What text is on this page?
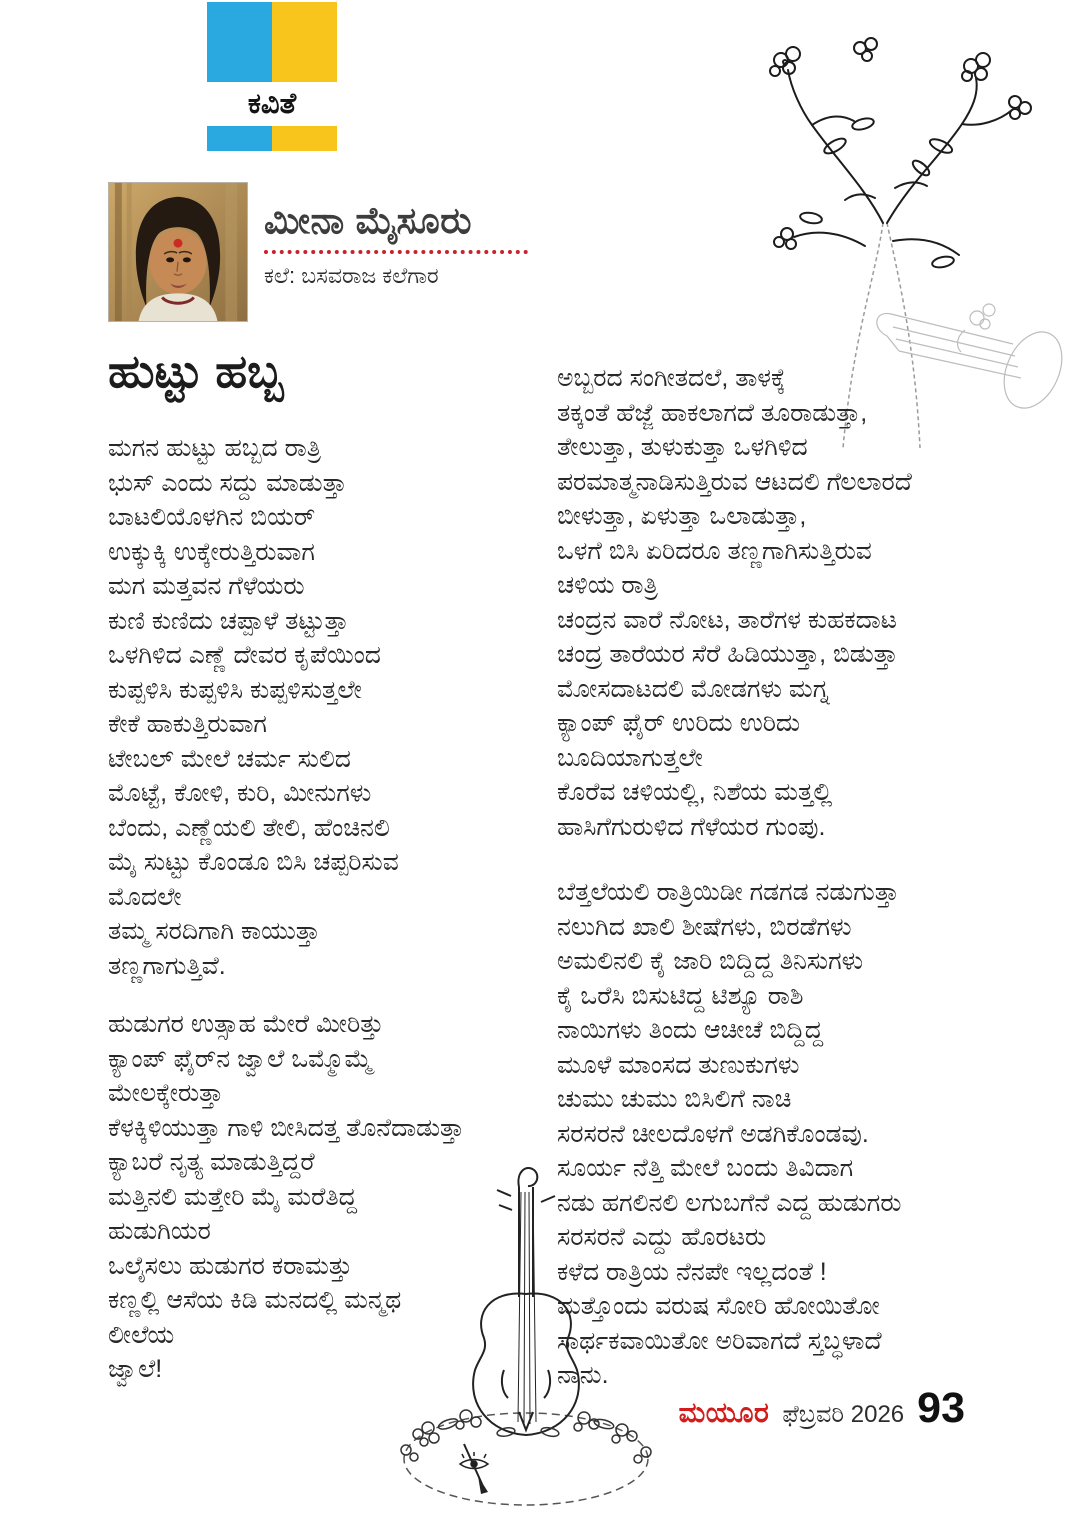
ಕವಿತೆ
ಮೀನಾ ಮೈಸೂರು
ಕಲೆ: ಬಸವರಾಜ ಕಲೆಗಾರ
ಹುಟ್ಟು ಹಬ್ಬ
ಮಗನ ಹುಟ್ಟು ಹಬ್ಬದ ರಾತ್ರಿ
ಭುಸ್ ಎಂದು ಸದ್ದು ಮಾಡುತ್ತಾ
ಬಾಟಲಿಯೊಳಗಿನ ಬಿಯರ್
ಉಕ್ಕುಕ್ಕಿ ಉಕ್ಕೇರುತ್ತಿರುವಾಗ
ಮಗ ಮತ್ತವನ ಗೆಳೆಯರು
ಕುಣಿ ಕುಣಿದು ಚಪ್ಪಾಳೆ ತಟ್ಟುತ್ತಾ
ಒಳಗಿಳಿದ ಎಣ್ಣೆ ದೇವರ ಕೃಪೆಯಿಂದ
ಕುಪ್ಪಳಿಸಿ ಕುಪ್ಪಳಿಸಿ ಕುಪ್ಪಳಿಸುತ್ತಲೇ
ಕೇಕೆ ಹಾಕುತ್ತಿರುವಾಗ
ಟೇಬಲ್ ಮೇಲೆ ಚರ್ಮ ಸುಲಿದ
ಮೊಟ್ಟೆ, ಕೋಳಿ, ಕುರಿ, ಮೀನುಗಳು
ಬೆಂದು, ಎಣ್ಣೆಯಲಿ ತೇಲಿ, ಹೆಂಚಿನಲಿ
ಮೈ ಸುಟ್ಟು ಕೊಂಡೂ ಬಿಸಿ ಚಪ್ಪರಿಸುವ
ಮೊದಲೇ
ತಮ್ಮ ಸರದಿಗಾಗಿ ಕಾಯುತ್ತಾ
ತಣ್ಣಗಾಗುತ್ತಿವೆ.
ಹುಡುಗರ ಉತ್ಸಾಹ ಮೇರೆ ಮೀರಿತ್ತು
ಕ್ಯಾಂಪ್ ಫೈರ್‌ನ ಜ್ವಾಲೆ ಒಮ್ಮೊಮ್ಮೆ
ಮೇಲಕ್ಕೇರುತ್ತಾ
ಕೆಳಕ್ಕಿಳಿಯುತ್ತಾ ಗಾಳಿ ಬೀಸಿದತ್ತ ತೊನೆದಾಡುತ್ತಾ
ಕ್ಯಾಬರೆ ನೃತ್ಯ ಮಾಡುತ್ತಿದ್ದರೆ
ಮತ್ತಿನಲಿ ಮತ್ತೇರಿ ಮೈ ಮರೆತಿದ್ದ
ಹುಡುಗಿಯರ
ಒಲೈಸಲು ಹುಡುಗರ ಕರಾಮತ್ತು
ಕಣ್ಣಲ್ಲಿ ಆಸೆಯ ಕಿಡಿ ಮನದಲ್ಲಿ ಮನ್ಮಥ
ಲೀಲೆಯ
ಜ್ವಾಲೆ!
ಅಬ್ಬರದ ಸಂಗೀತದಲೆ, ತಾಳಕ್ಕೆ
ತಕ್ಕಂತೆ ಹೆಜ್ಜೆ ಹಾಕಲಾಗದೆ ತೂರಾಡುತ್ತಾ,
ತೇಲುತ್ತಾ, ತುಳುಕುತ್ತಾ ಒಳಗಿಳಿದ
ಪರಮಾತ್ಮನಾಡಿಸುತ್ತಿರುವ ಆಟದಲಿ ಗೆಲಲಾರದೆ
ಬೀಳುತ್ತಾ, ಏಳುತ್ತಾ ಒಲಾಡುತ್ತಾ,
ಒಳಗೆ ಬಿಸಿ ಏರಿದರೂ ತಣ್ಣಗಾಗಿಸುತ್ತಿರುವ
ಚಳಿಯ ರಾತ್ರಿ
ಚಂದ್ರನ ವಾರೆ ನೋಟ, ತಾರೆಗಳ ಕುಹಕದಾಟ
ಚಂದ್ರ ತಾರೆಯರ ಸೆರೆ ಹಿಡಿಯುತ್ತಾ, ಬಿಡುತ್ತಾ
ಮೋಸದಾಟದಲಿ ಮೋಡಗಳು ಮಗ್ನ
ಕ್ಯಾಂಪ್ ಫೈರ್ ಉರಿದು ಉರಿದು
ಬೂದಿಯಾಗುತ್ತಲೇ
ಕೊರೆವ ಚಳಿಯಲ್ಲಿ, ನಿಶೆಯ ಮತ್ತಲ್ಲಿ
ಹಾಸಿಗೆಗುರುಳಿದ ಗೆಳೆಯರ ಗುಂಪು.
ಬೆತ್ತಲೆಯಲಿ ರಾತ್ರಿಯಿಡೀ ಗಡಗಡ ನಡುಗುತ್ತಾ
ನಲುಗಿದ ಖಾಲಿ ಶೀಷೆಗಳು, ಬಿರಡೆಗಳು
ಅಮಲಿನಲಿ ಕೈ ಜಾರಿ ಬಿದ್ದಿದ್ದ ತಿನಿಸುಗಳು
ಕೈ ಒರೆಸಿ ಬಿಸುಟಿದ್ದ ಟಿಶ್ಯೂ ರಾಶಿ
ನಾಯಿಗಳು ತಿಂದು ಆಚೀಚೆ ಬಿದ್ದಿದ್ದ
ಮೂಳೆ ಮಾಂಸದ ತುಣುಕುಗಳು
ಚುಮು ಚುಮು ಬಿಸಿಲಿಗೆ ನಾಚಿ
ಸರಸರನೆ ಚೀಲದೊಳಗೆ ಅಡಗಿಕೊಂಡವು.
ಸೂರ್ಯ ನೆತ್ತಿ ಮೇಲೆ ಬಂದು ತಿವಿದಾಗ
ನಡು ಹಗಲಿನಲಿ ಲಗುಬಗೆನೆ ಎದ್ದ ಹುಡುಗರು
ಸರಸರನೆ ಎದ್ದು ಹೊರಟರು
ಕಳೆದ ರಾತ್ರಿಯ ನೆನಪೇ ಇಲ್ಲದಂತೆ !
ಮತ್ತೊಂದು ವರುಷ ಸೋರಿ ಹೋಯಿತೋ
ಸಾರ್ಥಕವಾಯಿತೋ ಅರಿವಾಗದೆ ಸ್ತಬ್ಧಳಾದೆ
ನಾನು.
ಮಯೂರ ಫೆಬ್ರವರಿ 2026 93
